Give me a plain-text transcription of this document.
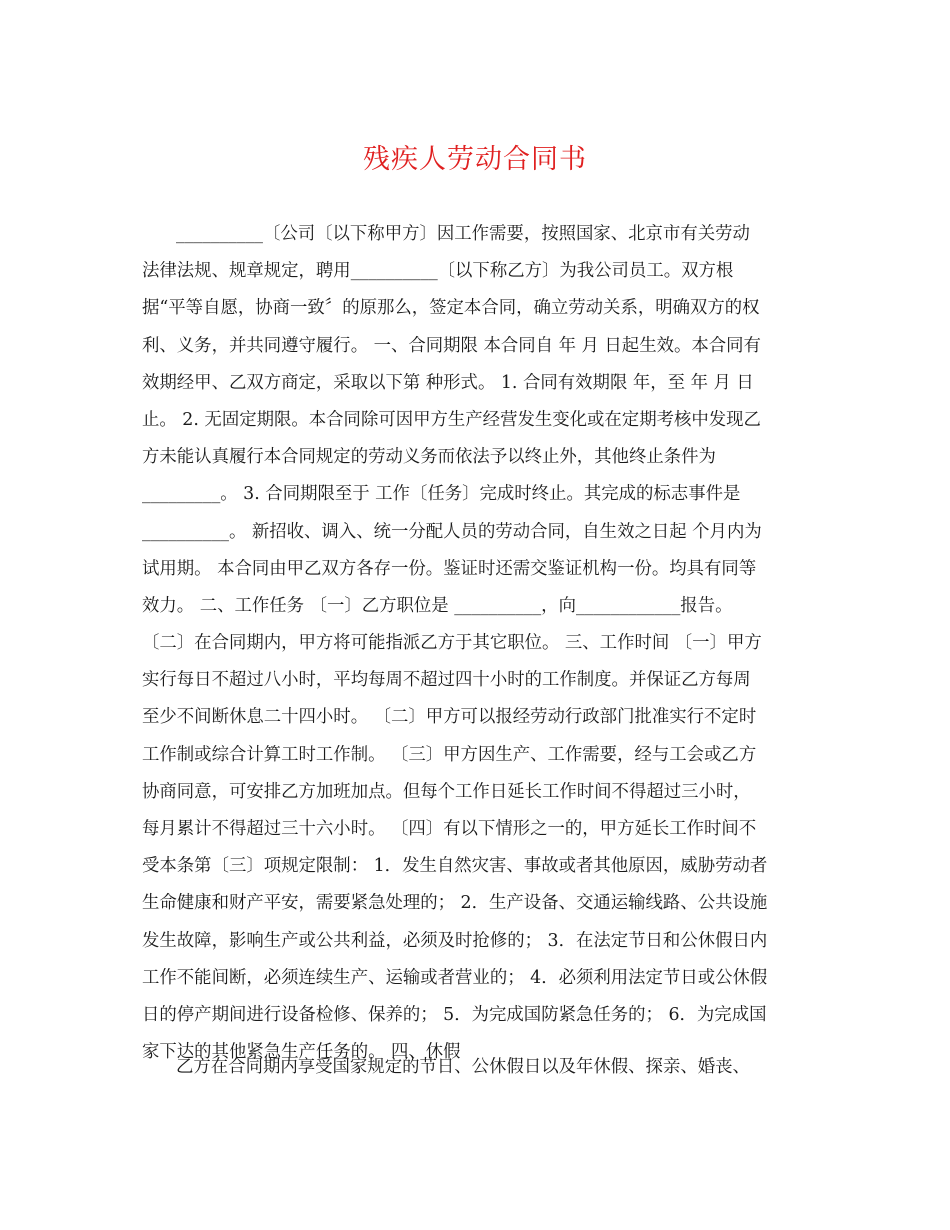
残疾人劳动合同书
__________〔公司〔以下称甲方〕因工作需要，按照国家、北京市有关劳动
法律法规、规章规定，聘用__________〔以下称乙方〕为我公司员工。双方根
据“平等自愿，协商一致〞的原那么，签定本合同，确立劳动关系，明确双方的权
利、义务，并共同遵守履行。 一、合同期限 本合同自 年 月 日起生效。本合同有
效期经甲、乙双方商定，采取以下第 种形式。 1. 合同有效期限 年，至 年 月 日
止。 2. 无固定期限。本合同除可因甲方生产经营发生变化或在定期考核中发现乙
方未能认真履行本合同规定的劳动义务而依法予以终止外，其他终止条件为
_________。 3. 合同期限至于 工作〔任务〕完成时终止。其完成的标志事件是
__________。 新招收、调入、统一分配人员的劳动合同，自生效之日起 个月内为
试用期。 本合同由甲乙双方各存一份。鉴证时还需交鉴证机构一份。均具有同等
效力。 二、工作任务 〔一〕乙方职位是 __________，向____________报告。
〔二〕在合同期内，甲方将可能指派乙方于其它职位。 三、工作时间 〔一〕甲方
实行每日不超过八小时，平均每周不超过四十小时的工作制度。并保证乙方每周
至少不间断休息二十四小时。 〔二〕甲方可以报经劳动行政部门批准实行不定时
工作制或综合计算工时工作制。 〔三〕甲方因生产、工作需要，经与工会或乙方
协商同意，可安排乙方加班加点。但每个工作日延长工作时间不得超过三小时，
每月累计不得超过三十六小时。 〔四〕有以下情形之一的，甲方延长工作时间不
受本条第〔三〕项规定限制： 1．发生自然灾害、事故或者其他原因，威胁劳动者
生命健康和财产平安，需要紧急处理的； 2．生产设备、交通运输线路、公共设施
发生故障，影响生产或公共利益，必须及时抢修的； 3．在法定节日和公休假日内
工作不能间断，必须连续生产、运输或者营业的； 4．必须利用法定节日或公休假
日的停产期间进行设备检修、保养的； 5．为完成国防紧急任务的； 6．为完成国
家下达的其他紧急生产任务的。 四、休假
乙方在合同期内享受国家规定的节日、公休假日以及年休假、探亲、婚丧、
